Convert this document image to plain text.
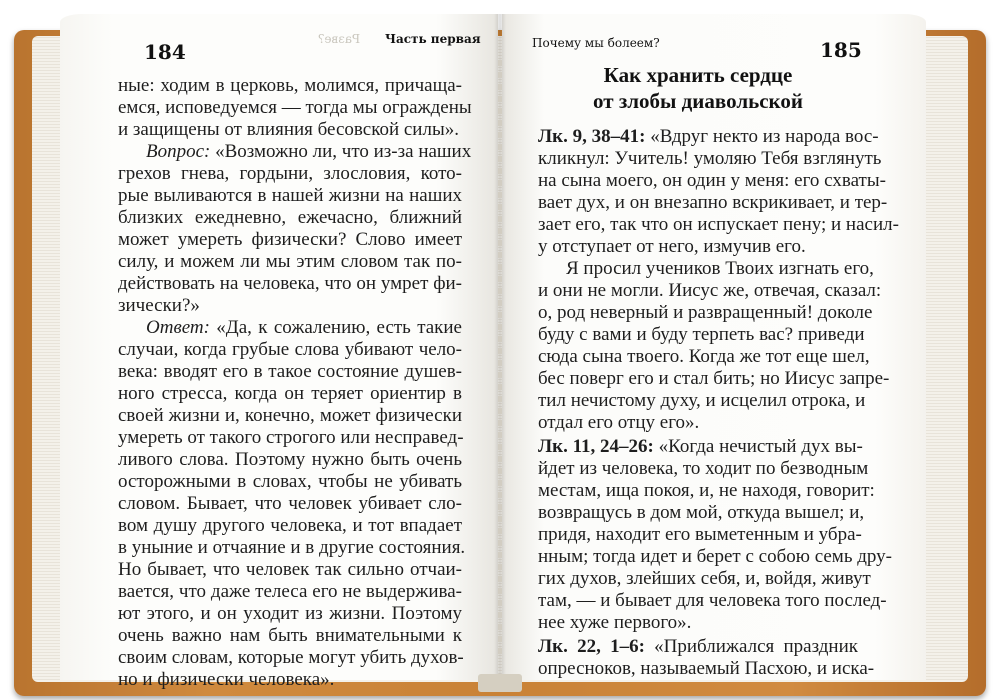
Часть первая
184
Разве?	Почему мы болеем?	185

ные: ходим в церковь, молимся, причаща-

емся, исповедуемся — тогда мы ограждены

и защищены от влияния бесовской силы».

Вопрос: «Возможно ли, что из-за наших

грехов гнева, гордыни, злословия, кото-

рые выливаются в нашей жизни на наших

близких ежедневно, ежечасно, ближний

может умереть физически? Слово имеет

силу, и можем ли мы этим словом так по-

действовать на человека, что он умрет фи-

зически?»

Ответ: «Да, к сожалению, есть такие

случаи, когда грубые слова убивают чело-

века: вводят его в такое состояние душев-

ного стресса, когда он теряет ориентир в

своей жизни и, конечно, может физически

умереть от такого строгого или несправед-

ливого слова. Поэтому нужно быть очень

осторожными в словах, чтобы не убивать

словом. Бывает, что человек убивает сло-

вом душу другого человека, и тот впадает

в уныние и отчаяние и в другие состояния.

Но бывает, что человек так сильно отчаи-

вается, что даже телеса его не выдержива-

ют этого, и он уходит из жизни. Поэтому

очень важно нам быть внимательными к

своим словам, которые могут убить духов-

но и физически человека».

Как хранить сердце
от злобы диавольской

Лк. 9, 38–41: «Вдруг некто из народа вос-

кликнул: Учитель! умоляю Тебя взглянуть

на сына моего, он один у меня: его схваты-

вает дух, и он внезапно вскрикивает, и тер-

зает его, так что он испускает пену; и насил-

у отступает от него, измучив его.

Я просил учеников Твоих изгнать его,

и они не могли. Иисус же, отвечая, сказал:

о, род неверный и развращенный! доколе

буду с вами и буду терпеть вас? приведи

сюда сына твоего. Когда же тот еще шел,

бес поверг его и стал бить; но Иисус запре-

тил нечистому духу, и исцелил отрока, и

отдал его отцу его».

Лк. 11, 24–26: «Когда нечистый дух вы-

йдет из человека, то ходит по безводным

местам, ища покоя, и, не находя, говорит:

возвращусь в дом мой, откуда вышел; и,

придя, находит его выметенным и убра-

нным; тогда идет и берет с собою семь дру-

гих духов, злейших себя, и, войдя, живут

там, — и бывает для человека того послед-

нее хуже первого».

Лк. 22, 1–6: «Приближался праздник

опресноков, называемый Пасхою, и иска-
